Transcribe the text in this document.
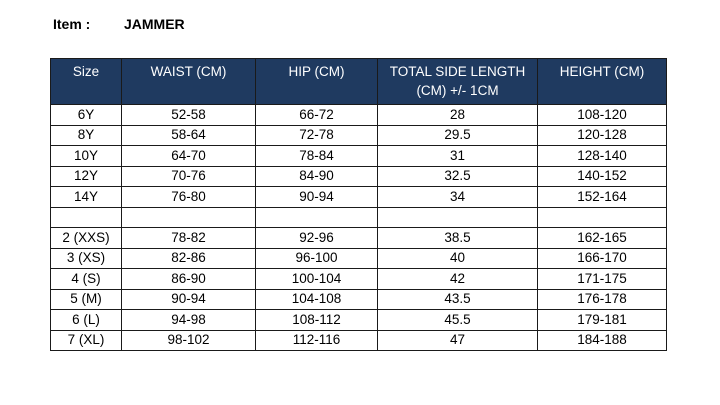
Item : JAMMER
Size	WAIST (CM)	HIP (CM)	TOTAL SIDE LENGTH (CM) +/- 1CM	HEIGHT (CM)
6Y	52-58	66-72	28	108-120
8Y	58-64	72-78	29.5	120-128
10Y	64-70	78-84	31	128-140
12Y	70-76	84-90	32.5	140-152
14Y	76-80	90-94	34	152-164

2 (XXS)	78-82	92-96	38.5	162-165
3 (XS)	82-86	96-100	40	166-170
4 (S)	86-90	100-104	42	171-175
5 (M)	90-94	104-108	43.5	176-178
6 (L)	94-98	108-112	45.5	179-181
7 (XL)	98-102	112-116	47	184-188
